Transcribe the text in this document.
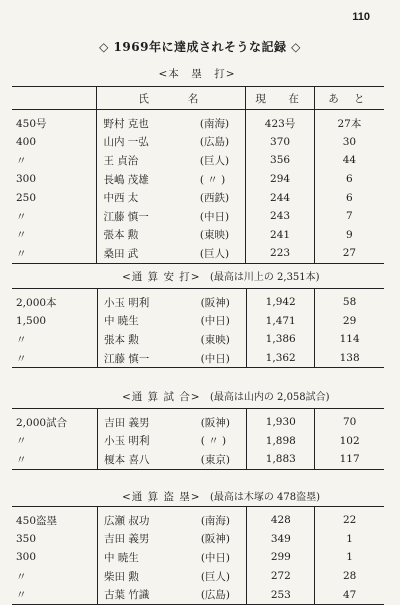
110
◇ 1969年に達成されそうな記録 ◇
<本　塁　打>
	氏　　名		現　在	あ と
450号	野村 克也	(南海)	423号	27本
400	山内 一弘	(広島)	370	30
〃	王 貞治	(巨人)	356	44
300	長嶋 茂雄	( 〃 )	294	6
250	中西 太	(西鉄)	244	6
〃	江藤 慎一	(中日)	243	7
〃	張本 勲	(東映)	241	9
〃	桑田 武	(巨人)	223	27
<通 算 安 打> (最高は川上の 2,351本)
2,000本	小玉 明利	(阪神)	1,942	58
1,500	中 暁生	(中日)	1,471	29
〃	張本 勲	(東映)	1,386	114
〃	江藤 慎一	(中日)	1,362	138
<通 算 試 合> (最高は山内の 2,058試合)
2,000試合	吉田 義男	(阪神)	1,930	70
〃	小玉 明利	( 〃 )	1,898	102
〃	榎本 喜八	(東京)	1,883	117
<通 算 盗 塁> (最高は木塚の 478盗塁)
450盗塁	広瀬 叔功	(南海)	428	22
350	吉田 義男	(阪神)	349	1
300	中 暁生	(中日)	299	1
〃	柴田 勲	(巨人)	272	28
〃	古葉 竹識	(広島)	253	47
